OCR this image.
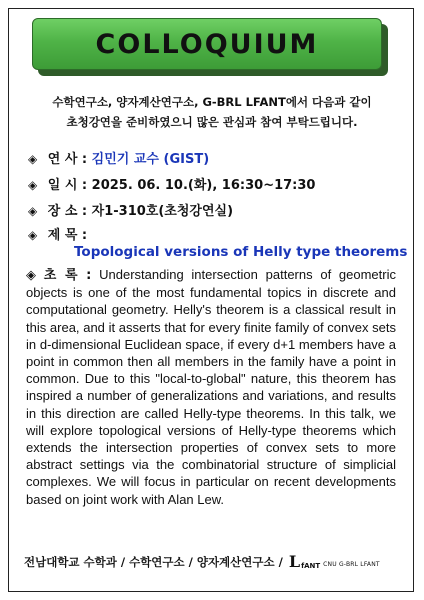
COLLOQUIUM
수학연구소, 양자계산연구소, G-BRL LFANT에서 다음과 같이
초청강연을 준비하였으니 많은 관심과 참여 부탁드립니다.
◈ 연 사 : 김민기 교수 (GIST)
◈ 일 시 : 2025. 06. 10.(화), 16:30~17:30
◈ 장 소 : 자1-310호(초청강연실)
◈ 제 목 :
Topological versions of Helly type theorems
◈ 초 록 : Understanding intersection patterns of geometric objects is one of the most fundamental topics in discrete and computational geometry. Helly's theorem is a classical result in this area, and it asserts that for every finite family of convex sets in d-dimensional Euclidean space, if every d+1 members have a point in common then all members in the family have a point in common. Due to this "local-to-global" nature, this theorem has inspired a number of generalizations and variations, and results in this direction are called Helly-type theorems. In this talk, we will explore topological versions of Helly-type theorems which extends the intersection properties of convex sets to more abstract settings via the combinatorial structure of simplicial complexes. We will focus in particular on recent developments based on joint work with Alan Lew.
전남대학교 수학과 / 수학연구소 / 양자계산연구소 / L fANT CNU G-BRL LFANT
